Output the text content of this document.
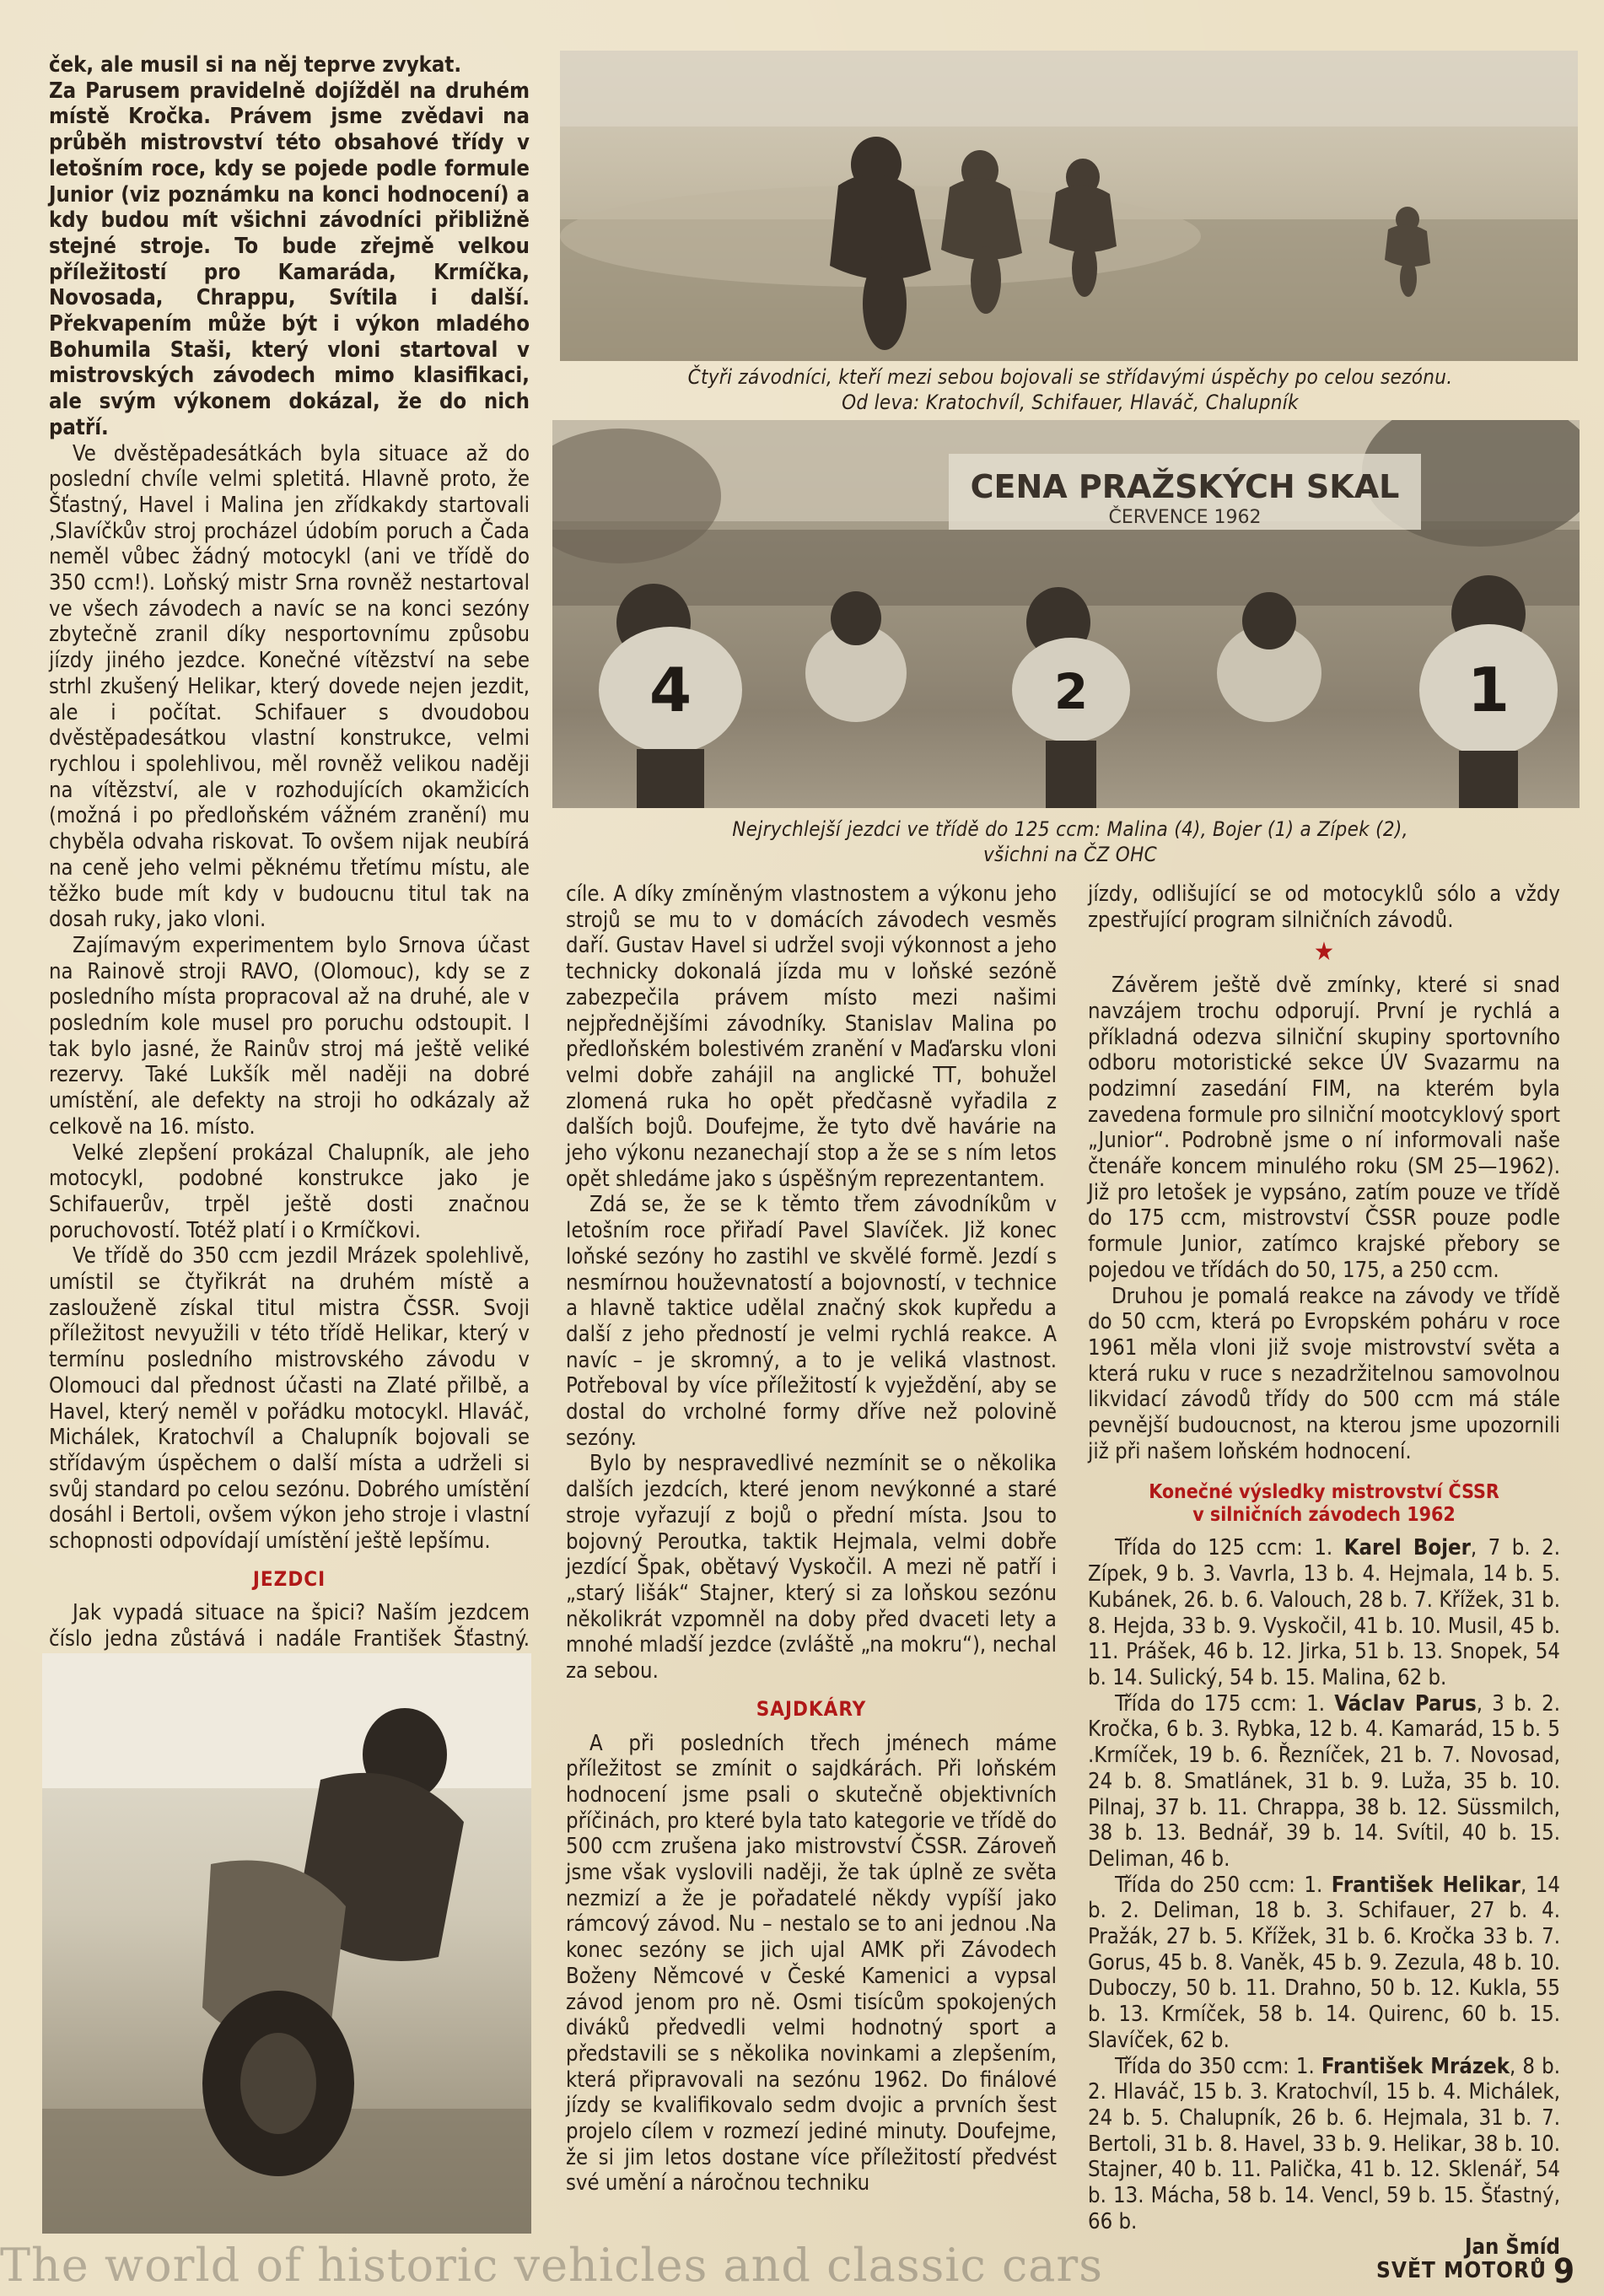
ček, ale musil si na něj teprve zvykat.

Za Parusem pravidelně dojížděl na druhém místě Kročka. Právem jsme zvědavi na průběh mistrovství této obsahové třídy v letošním roce, kdy se pojede podle formule Junior (viz poznámku na konci hodnocení) a kdy budou mít všichni závodníci přibližně stejné stroje. To bude zřejmě velkou příležitostí pro Kamaráda, Krmíčka, Novosada, Chrappu, Svítila i další. Překvapením může být i výkon mladého Bohumila Staši, který vloni startoval v mistrovských závodech mimo klasifikaci, ale svým výkonem dokázal, že do nich patří.

Ve dvěstěpadesátkách byla situace až do poslední chvíle velmi spletitá. Hlavně proto, že Šťastný, Havel i Malina jen zřídkakdy startovali ‚Slavíčkův stroj procházel údobím poruch a Čada neměl vůbec žádný motocykl (ani ve třídě do 350 ccm!). Loňský mistr Srna rovněž nestartoval ve všech závodech a navíc se na konci sezóny zbytečně zranil díky nesportovnímu způsobu jízdy jiného jezdce. Konečné vítězství na sebe strhl zkušený Helikar, který dovede nejen jezdit, ale i počítat. Schifauer s dvoudobou dvěstěpadesátkou vlastní konstrukce, velmi rychlou i spolehlivou, měl rovněž velikou naději na vítězství, ale v rozhodujících okamžicích (možná i po předloňském vážném zranění) mu chyběla odvaha riskovat. To ovšem nijak neubírá na ceně jeho velmi pěknému třetímu místu, ale těžko bude mít kdy v budoucnu titul tak na dosah ruky, jako vloni.

Zajímavým experimentem bylo Srnova účast na Rainově stroji RAVO, (Olomouc), kdy se z posledního místa propracoval až na druhé, ale v posledním kole musel pro poruchu odstoupit. I tak bylo jasné, že Rainův stroj má ještě veliké rezervy. Také Lukšík měl naději na dobré umístění, ale defekty na stroji ho odkázaly až celkově na 16. místo.

Velké zlepšení prokázal Chalupník, ale jeho motocykl, podobné konstrukce jako je Schifauerův, trpěl ještě dosti značnou poruchovostí. Totéž platí i o Krmíčkovi.

Ve třídě do 350 ccm jezdil Mrázek spolehlivě, umístil se čtyřikrát na druhém místě a zaslouženě získal titul mistra ČSSR. Svoji příležitost nevyužili v této třídě Helikar, který v termínu posledního mistrovského závodu v Olomouci dal přednost účasti na Zlaté přilbě, a Havel, který neměl v pořádku motocykl. Hlaváč, Michálek, Kratochvíl a Chalupník bojovali se střídavým úspěchem o další místa a udrželi si svůj standard po celou sezónu. Dobrého umístění dosáhl i Bertoli, ovšem výkon jeho stroje i vlastní schopnosti odpovídají umístění ještě lepšímu.

JEZDCI

Jak vypadá situace na špici? Naším jezdcem číslo jedna zůstává i nadále František Šťastný.

Čtyři závodníci, kteří mezi sebou bojovali se střídavými úspěchy po celou sezónu.
Od leva: Kratochvíl, Schifauer, Hlaváč, Chalupník
CENA PRAŽSKÝCH SKAL
ČERVENCE 1962
4	2	1
Nejrychlejší jezdci ve třídě do 125 ccm: Malina (4), Bojer (1) a Zípek (2),
všichni na ČZ OHC

cíle. A díky zmíněným vlastnostem a výkonu jeho strojů se mu to v domácích závodech vesměs daří. Gustav Havel si udržel svoji výkonnost a jeho technicky dokonalá jízda mu v loňské sezóně zabezpečila právem místo mezi našimi nejpřednějšími závodníky. Stanislav Malina po předloňském bolestivém zranění v Maďarsku vloni velmi dobře zahájil na anglické TT, bohužel zlomená ruka ho opět předčasně vyřadila z dalších bojů. Doufejme, že tyto dvě havárie na jeho výkonu nezanechají stop a že se s ním letos opět shledáme jako s úspěšným reprezentantem.

Zdá se, že se k těmto třem závodníkům v letošním roce přiřadí Pavel Slavíček. Již konec loňské sezóny ho zastihl ve skvělé formě. Jezdí s nesmírnou houževnatostí a bojovností, v technice a hlavně taktice udělal značný skok kupředu a další z jeho předností je velmi rychlá reakce. A navíc – je skromný, a to je veliká vlastnost. Potřeboval by více příležitostí k vyježdění, aby se dostal do vrcholné formy dříve než polovině sezóny.

Bylo by nespravedlivé nezmínit se o několika dalších jezdcích, které jenom nevýkonné a staré stroje vyřazují z bojů o přední místa. Jsou to bojovný Peroutka, taktik Hejmala, velmi dobře jezdící Špak, obětavý Vyskočil. A mezi ně patří i „starý lišák“ Stajner, který si za loňskou sezónu několikrát vzpomněl na doby před dvaceti lety a mnohé mladší jezdce (zvláště „na mokru“), nechal za sebou.

SAJDKÁRY

A při posledních třech jménech máme příležitost se zmínit o sajdkárách. Při loňském hodnocení jsme psali o skutečně objektivních příčinách, pro které byla tato kategorie ve třídě do 500 ccm zrušena jako mistrovství ČSSR. Zároveň jsme však vyslovili naději, že tak úplně ze světa nezmizí a že je pořadatelé někdy vypíší jako rámcový závod. Nu – nestalo se to ani jednou .Na konec sezóny se jich ujal AMK při Závodech Boženy Němcové v České Kamenici a vypsal závod jenom pro ně. Osmi tisícům spokojených diváků předvedli velmi hodnotný sport a představili se s několika novinkami a zlepšením, která připravovali na sezónu 1962. Do finálové jízdy se kvalifikovalo sedm dvojic a prvních šest projelo cílem v rozmezí jediné minuty. Doufejme, že si jim letos dostane více příležitostí předvést své umění a náročnou techniku

jízdy, odlišující se od motocyklů sólo a vždy zpestřující program silničních závodů.

★

Závěrem ještě dvě zmínky, které si snad navzájem trochu odporují. První je rychlá a příkladná odezva silniční skupiny sportovního odboru motoristické sekce ÚV Svazarmu na podzimní zasedání FIM, na kterém byla zavedena formule pro silniční mootcyklový sport „Junior“. Podrobně jsme o ní informovali naše čtenáře koncem minulého roku (SM 25—1962). Již pro letošek je vypsáno, zatím pouze ve třídě do 175 ccm, mistrovství ČSSR pouze podle formule Junior, zatímco krajské přebory se pojedou ve třídách do 50, 175, a 250 ccm.

Druhou je pomalá reakce na závody ve třídě do 50 ccm, která po Evropském poháru v roce 1961 měla vloni již svoje mistrovství světa a která ruku v ruce s nezadržitelnou samovolnou likvidací závodů třídy do 500 ccm má stále pevnější budoucnost, na kterou jsme upozornili již při našem loňském hodnocení.

Konečné výsledky mistrovství ČSSR
v silničních závodech 1962

Třída do 125 ccm: 1. Karel Bojer, 7 b. 2. Zípek, 9 b. 3. Vavrla, 13 b. 4. Hejmala, 14 b. 5. Kubánek, 26. b. 6. Valouch, 28 b. 7. Křížek, 31 b. 8. Hejda, 33 b. 9. Vyskočil, 41 b. 10. Musil, 45 b. 11. Prášek, 46 b. 12. Jirka, 51 b. 13. Snopek, 54 b. 14. Sulický, 54 b. 15. Malina, 62 b.

Třída do 175 ccm: 1. Václav Parus, 3 b. 2. Kročka, 6 b. 3. Rybka, 12 b. 4. Kamarád, 15 b. 5 .Krmíček, 19 b. 6. Řezníček, 21 b. 7. Novosad, 24 b. 8. Smatlánek, 31 b. 9. Luža, 35 b. 10. Pilnaj, 37 b. 11. Chrappa, 38 b. 12. Süssmilch, 38 b. 13. Bednář, 39 b. 14. Svítil, 40 b. 15. Deliman, 46 b.

Třída do 250 ccm: 1. František Helikar, 14 b. 2. Deliman, 18 b. 3. Schifauer, 27 b. 4. Pražák, 27 b. 5. Křížek, 31 b. 6. Kročka 33 b. 7. Gorus, 45 b. 8. Vaněk, 45 b. 9. Zezula, 48 b. 10. Duboczy, 50 b. 11. Drahno, 50 b. 12. Kukla, 55 b. 13. Krmíček, 58 b. 14. Quirenc, 60 b. 15. Slavíček, 62 b.

Třída do 350 ccm: 1. František Mrázek, 8 b. 2. Hlaváč, 15 b. 3. Kratochvíl, 15 b. 4. Michálek, 24 b. 5. Chalupník, 26 b. 6. Hejmala, 31 b. 7. Bertoli, 31 b. 8. Havel, 33 b. 9. Helikar, 38 b. 10. Stajner, 40 b. 11. Palička, 41 b. 12. Sklenář, 54 b. 13. Mácha, 58 b. 14. Vencl, 59 b. 15. Šťastný, 66 b.

Jan Šmíd

The world of historic vehicles and classic cars	SVĚT MOTORŮ 9
